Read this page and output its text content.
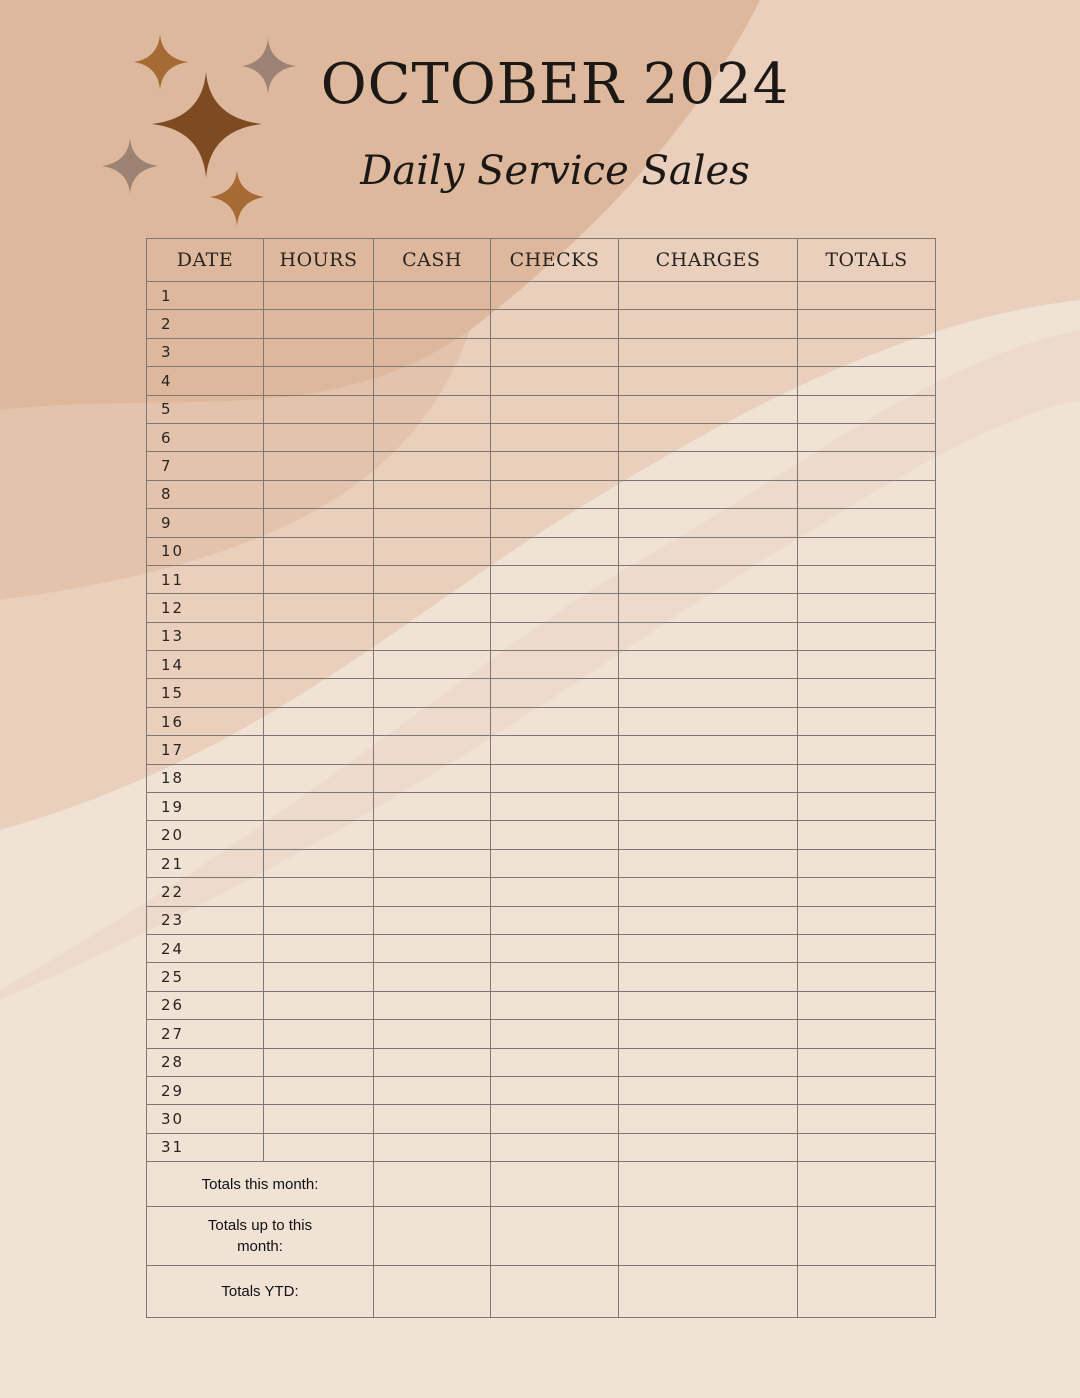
OCTOBER 2024
Daily Service Sales
DATE	HOURS	CASH	CHECKS	CHARGES	TOTALS
1					
2					
3					
4					
5					
6					
7					
8					
9					
10					
11					
12					
13					
14					
15					
16					
17					
18					
19					
20					
21					
22					
23					
24					
25					
26					
27					
28					
29					
30					
31					
Totals this month:					
Totals up to this month:					
Totals YTD:					
